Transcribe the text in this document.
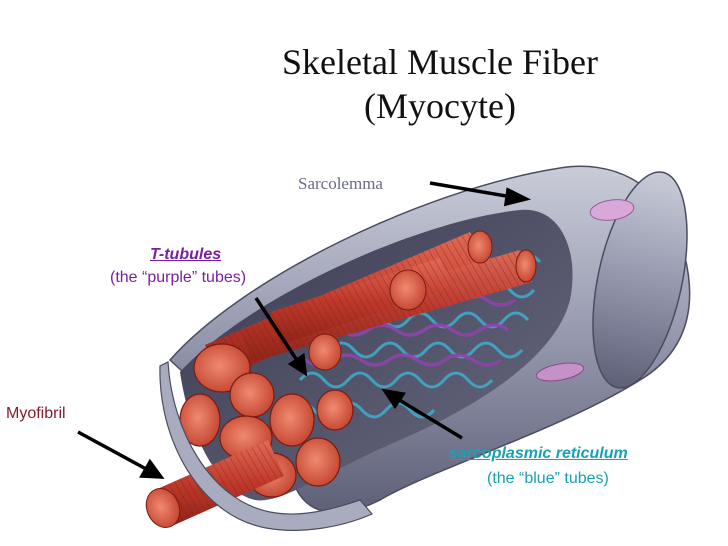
Skeletal Muscle Fiber
(Myocyte)
Sarcolemma
T-tubules
(the “purple” tubes)
Myofibril
sarcoplasmic reticulum
(the “blue” tubes)
